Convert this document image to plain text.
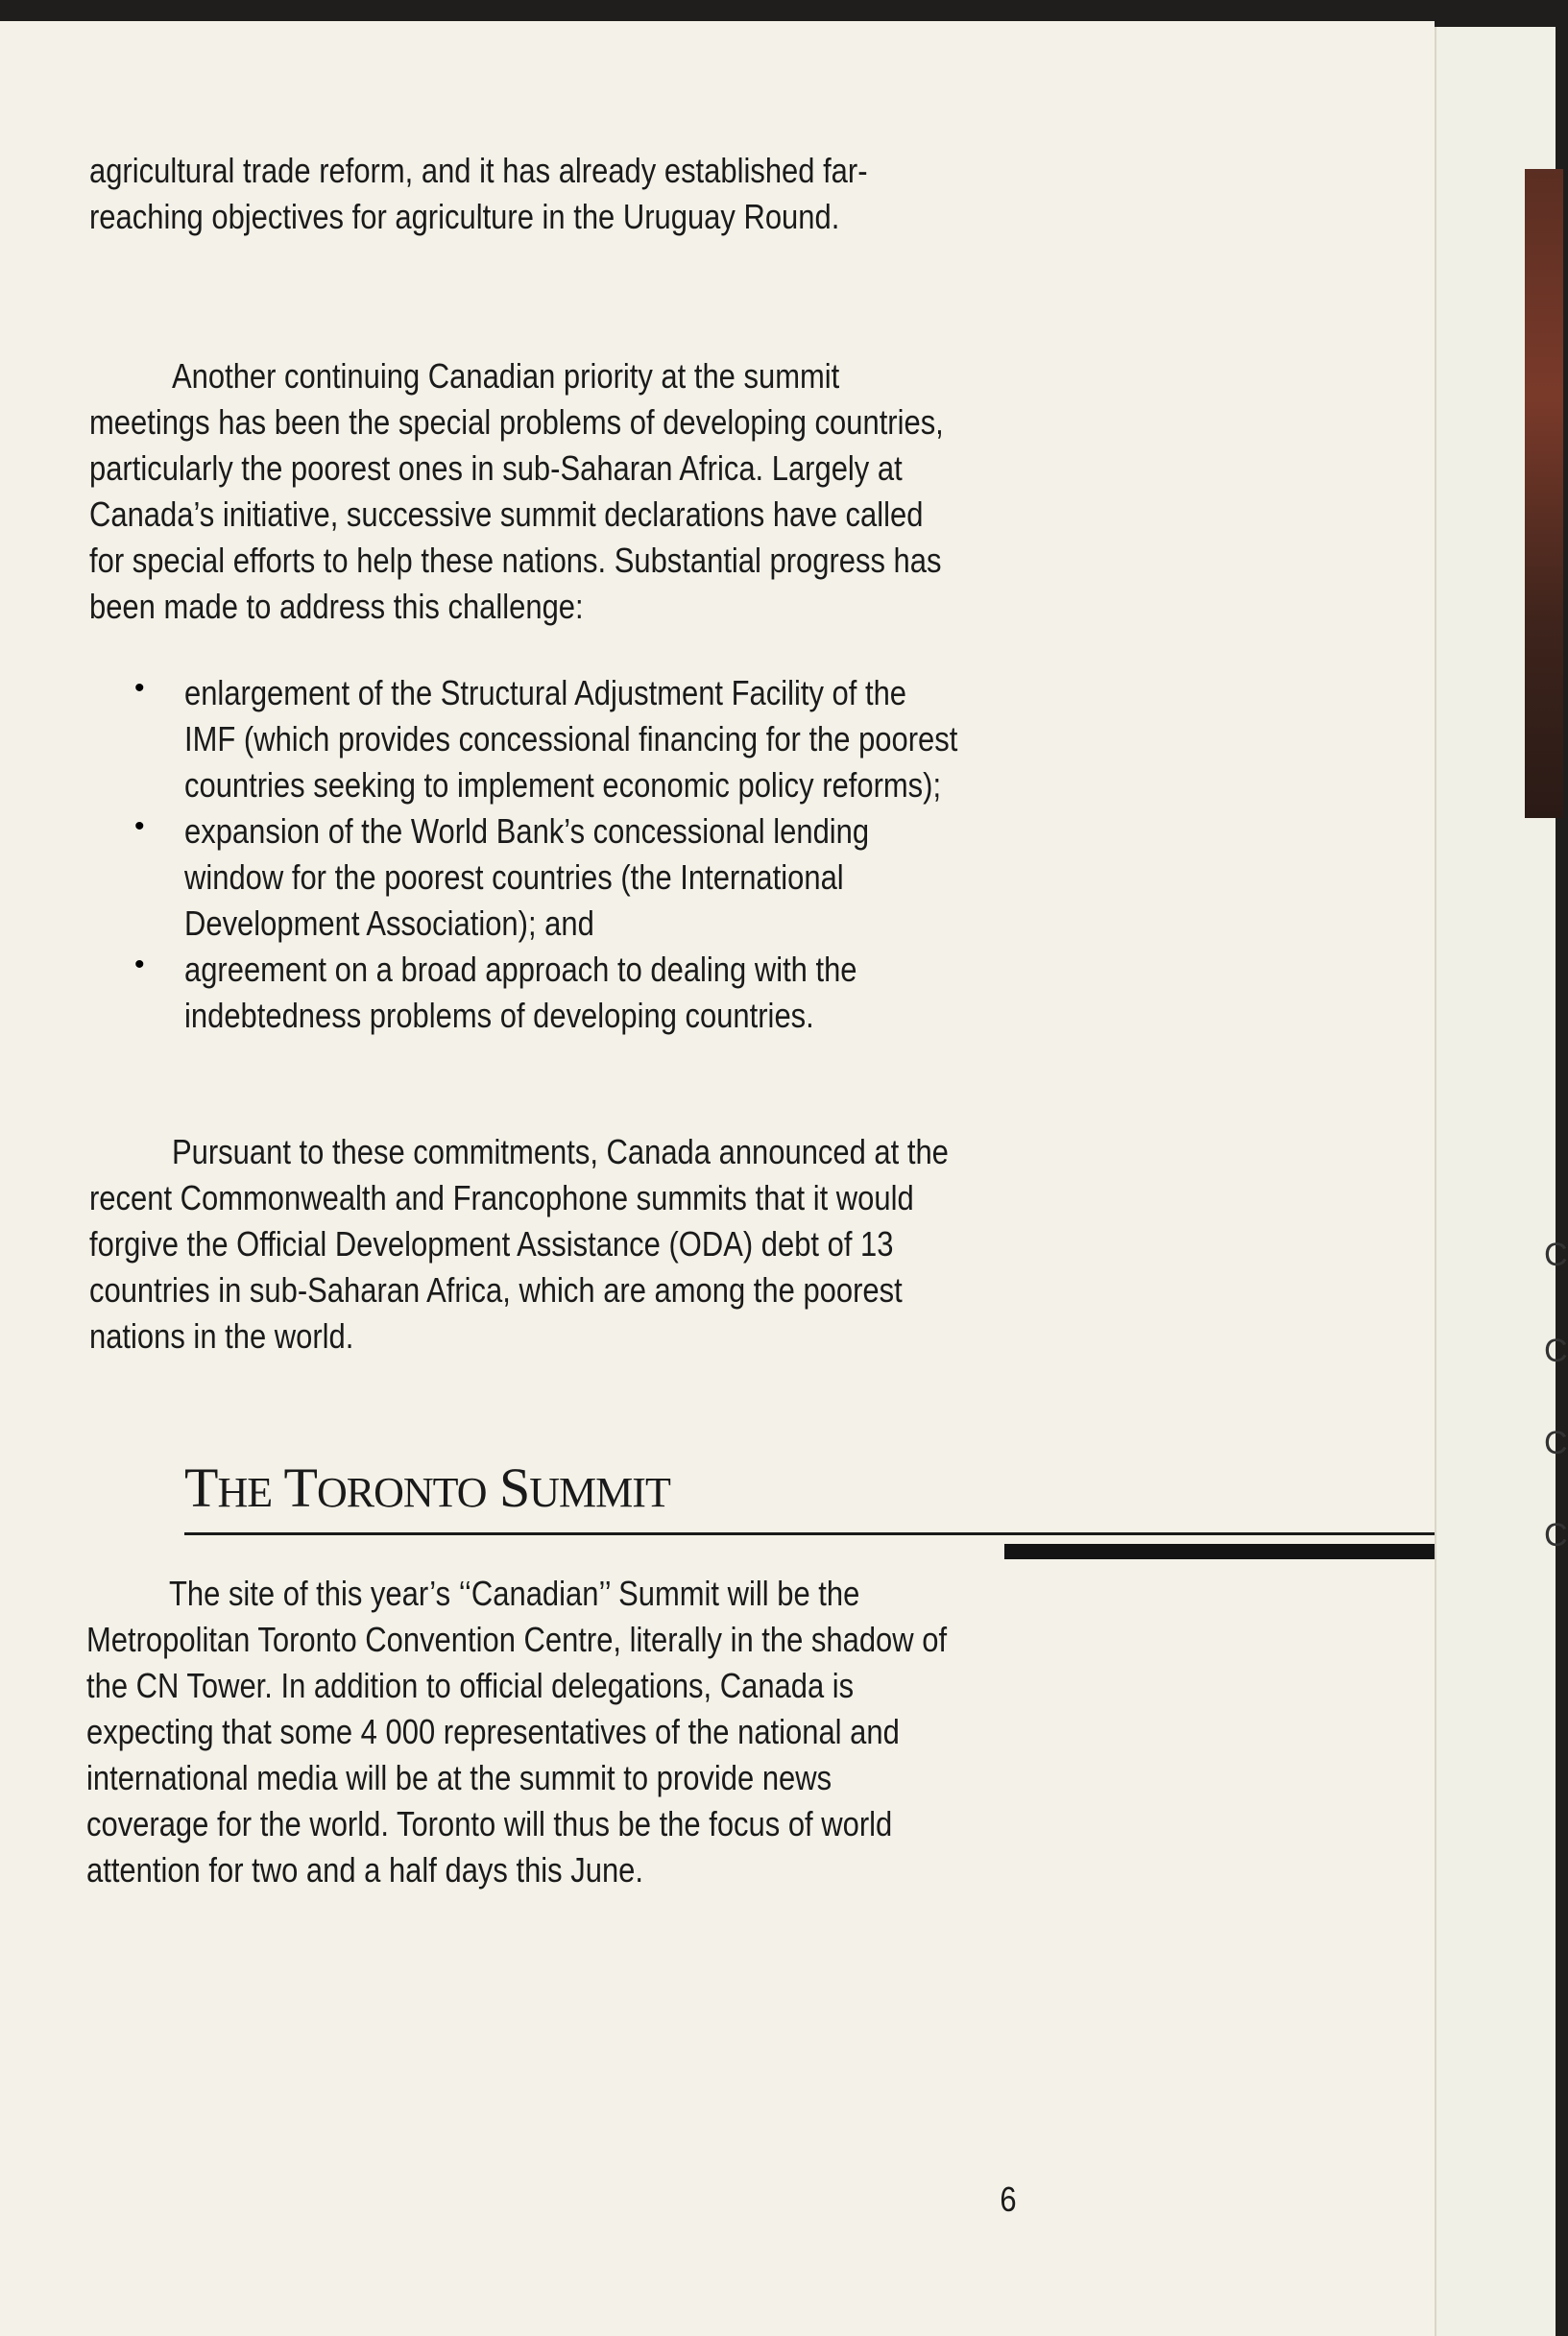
agricultural trade reform, and it has already established far-reaching objectives for agriculture in the Uruguay Round.

Another continuing Canadian priority at the summit meetings has been the special problems of developing countries, particularly the poorest ones in sub-Saharan Africa. Largely at Canada’s initiative, successive summit declarations have called for special efforts to help these nations. Substantial progress has been made to address this challenge:

• enlargement of the Structural Adjustment Facility of the IMF (which provides concessional financing for the poorest countries seeking to implement economic policy reforms);

• expansion of the World Bank’s concessional lending window for the poorest countries (the International Development Association); and

• agreement on a broad approach to dealing with the indebtedness problems of developing countries.

Pursuant to these commitments, Canada announced at the recent Commonwealth and Francophone summits that it would forgive the Official Development Assistance (ODA) debt of 13 countries in sub-Saharan Africa, which are among the poorest nations in the world.

THE TORONTO SUMMIT

The site of this year’s ‘‘Canadian’’ Summit will be the Metropolitan Toronto Convention Centre, literally in the shadow of the CN Tower. In addition to official delegations, Canada is expecting that some 4 000 representatives of the national and international media will be at the summit to provide news coverage for the world. Toronto will thus be the focus of world attention for two and a half days this June.

6
C
C
C
C
